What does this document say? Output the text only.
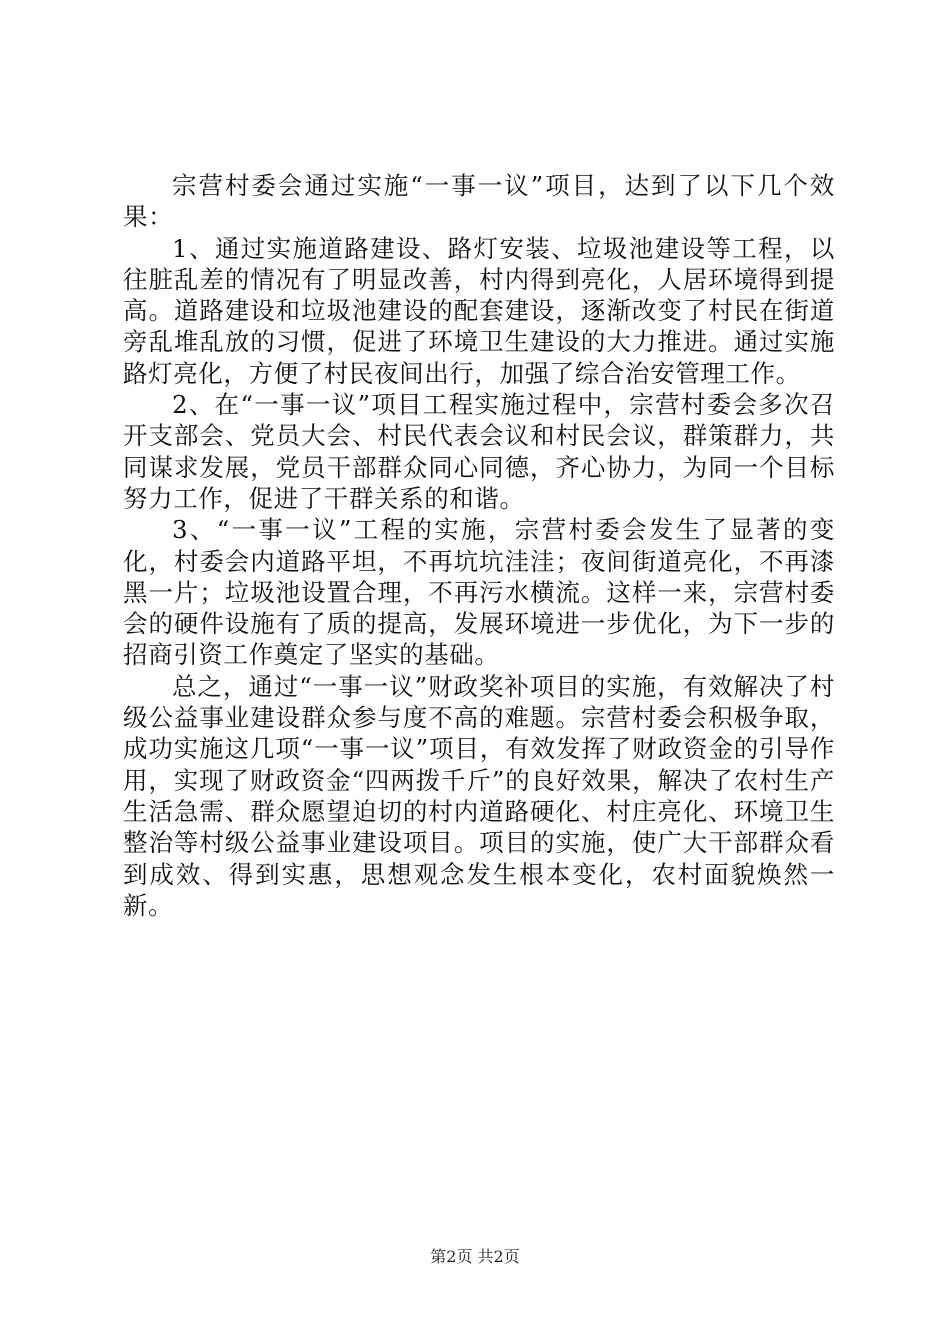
宗营村委会通过实施“一事一议”项目，达到了以下几个效果：

1、通过实施道路建设、路灯安装、垃圾池建设等工程，以往脏乱差的情况有了明显改善，村内得到亮化，人居环境得到提高。道路建设和垃圾池建设的配套建设，逐渐改变了村民在街道旁乱堆乱放的习惯，促进了环境卫生建设的大力推进。通过实施路灯亮化，方便了村民夜间出行，加强了综合治安管理工作。

2、在“一事一议”项目工程实施过程中，宗营村委会多次召开支部会、党员大会、村民代表会议和村民会议，群策群力，共同谋求发展，党员干部群众同心同德，齐心协力，为同一个目标努力工作，促进了干群关系的和谐。

3、“一事一议”工程的实施，宗营村委会发生了显著的变化，村委会内道路平坦，不再坑坑洼洼；夜间街道亮化，不再漆黑一片；垃圾池设置合理，不再污水横流。这样一来，宗营村委会的硬件设施有了质的提高，发展环境进一步优化，为下一步的招商引资工作奠定了坚实的基础。

总之，通过“一事一议”财政奖补项目的实施，有效解决了村级公益事业建设群众参与度不高的难题。宗营村委会积极争取，成功实施这几项“一事一议”项目，有效发挥了财政资金的引导作用，实现了财政资金“四两拨千斤”的良好效果，解决了农村生产生活急需、群众愿望迫切的村内道路硬化、村庄亮化、环境卫生整治等村级公益事业建设项目。项目的实施，使广大干部群众看到成效、得到实惠，思想观念发生根本变化，农村面貌焕然一新。

第2页 共2页
